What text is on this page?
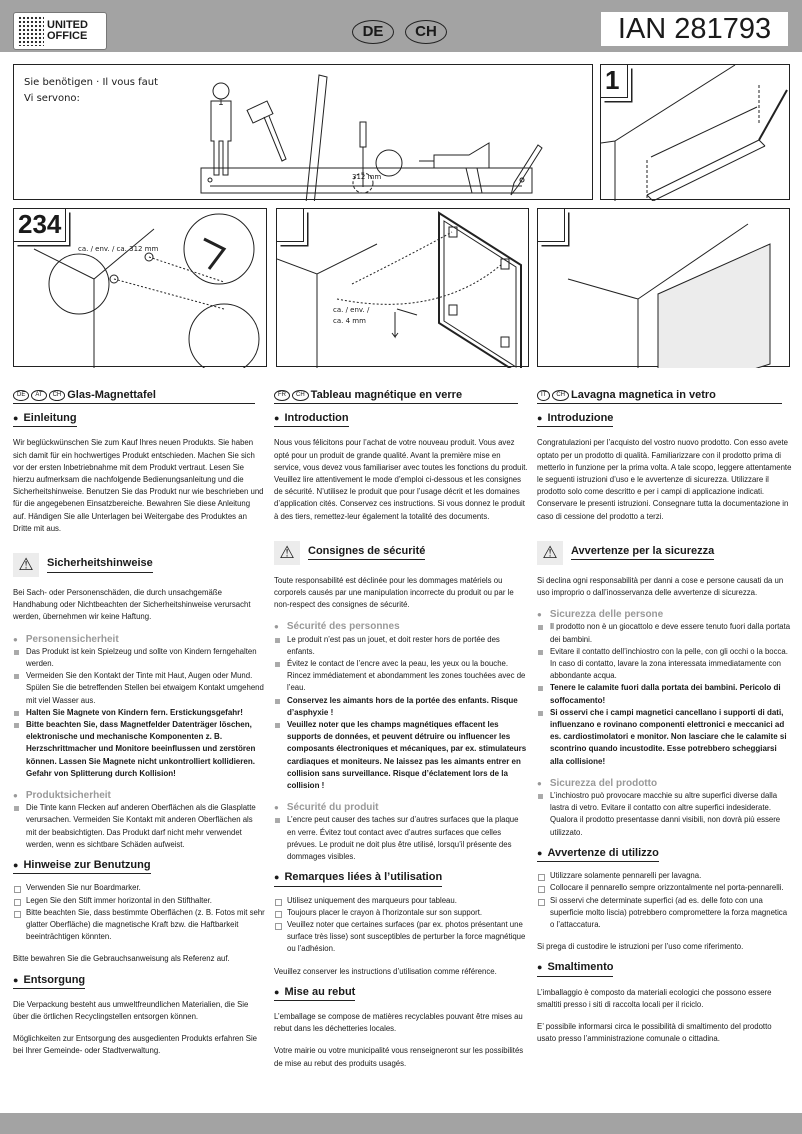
UNITED
OFFICE	DE	CH	IAN 281793
Sie benötigen · Il vous faut
Vi servono:	1
312 mm
1
ca. / env. / ca. 312 mm
234
ca. / env. /
ca. 4 mm
DE	AT	CH Glas-Magnettafel
● Einleitung
Wir beglückwünschen Sie zum Kauf Ihres neuen Produkts. Sie haben sich damit für ein hochwertiges Produkt entschieden. Machen Sie sich vor der ersten Inbetriebnahme mit dem Produkt vertraut. Lesen Sie hierzu aufmerksam die nachfolgende Bedienungsanleitung und die Sicherheitshinweise. Benutzen Sie das Produkt nur wie beschrieben und für die angegebenen Einsatzbereiche. Bewahren Sie diese Anleitung auf. Händigen Sie alle Unterlagen bei Weitergabe des Produktes an Dritte mit aus.
⚠	Sicherheitshinweise
Bei Sach- oder Personenschäden, die durch unsachgemäße Handhabung oder Nichtbeachten der Sicherheitshinweise verursacht werden, übernehmen wir keine Haftung.
● Personensicherheit
Das Produkt ist kein Spielzeug und sollte von Kindern ferngehalten werden.
Vermeiden Sie den Kontakt der Tinte mit Haut, Augen oder Mund. Spülen Sie die betreffenden Stellen bei etwaigem Kontakt umgehend mit viel Wasser aus.
Halten Sie Magnete von Kindern fern. Erstickungsgefahr!
Bitte beachten Sie, dass Magnetfelder Datenträger löschen, elektronische und mechanische Komponenten z. B. Herzschrittmacher und Monitore beeinflussen und zerstören können. Lassen Sie Magnete nicht unkontrolliert kollidieren. Gefahr von Splitterung durch Kollision!
● Produktsicherheit
Die Tinte kann Flecken auf anderen Oberflächen als die Glasplatte verursachen. Vermeiden Sie Kontakt mit anderen Oberflächen als mit der beabsichtigten. Das Produkt darf nicht mehr verwendet werden, wenn es sichtbare Schäden aufweist.
● Hinweise zur Benutzung
Verwenden Sie nur Boardmarker.
Legen Sie den Stift immer horizontal in den Stifthalter.
Bitte beachten Sie, dass bestimmte Oberflächen (z. B. Fotos mit sehr glatter Oberfläche) die magnetische Kraft bzw. die Haftbarkeit beeinträchtigen könnten.
Bitte bewahren Sie die Gebrauchsanweisung als Referenz auf.
● Entsorgung
Die Verpackung besteht aus umweltfreundlichen Materialien, die Sie über die örtlichen Recyclingstellen entsorgen können.
Möglichkeiten zur Entsorgung des ausgedienten Produkts erfahren Sie bei Ihrer Gemeinde- oder Stadtverwaltung.
FR	CH Tableau magnétique en verre
● Introduction
Nous vous félicitons pour l’achat de votre nouveau produit. Vous avez opté pour un produit de grande qualité. Avant la première mise en service, vous devez vous familiariser avec toutes les fonctions du produit. Veuillez lire attentivement le mode d’emploi ci-dessous et les consignes de sécurité. N’utilisez le produit que pour l’usage décrit et les domaines d’application cités. Conservez ces instructions. Si vous donnez le produit à des tiers, remettez-leur également la totalité des documents.
⚠	Consignes de sécurité
Toute responsabilité est déclinée pour les dommages matériels ou corporels causés par une manipulation incorrecte du produit ou par le non-respect des consignes de sécurité.
● Sécurité des personnes
Le produit n’est pas un jouet, et doit rester hors de portée des enfants.
Évitez le contact de l’encre avec la peau, les yeux ou la bouche. Rincez immédiatement et abondamment les zones touchées avec de l’eau.
Conservez les aimants hors de la portée des enfants. Risque d’asphyxie !
Veuillez noter que les champs magnétiques effacent les supports de données, et peuvent détruire ou influencer les composants électroniques et mécaniques, par ex. stimulateurs cardiaques et moniteurs. Ne laissez pas les aimants entrer en collision sans surveillance. Risque d’éclatement lors de la collision !
● Sécurité du produit
L’encre peut causer des taches sur d’autres surfaces que la plaque en verre. Évitez tout contact avec d’autres surfaces que celles prévues. Le produit ne doit plus être utilisé, lorsqu’il présente des dommages visibles.
● Remarques liées à l’utilisation
Utilisez uniquement des marqueurs pour tableau.
Toujours placer le crayon à l’horizontale sur son support.
Veuillez noter que certaines surfaces (par ex. photos présentant une surface très lisse) sont susceptibles de perturber la force magnétique ou l’adhésion.
Veuillez conserver les instructions d’utilisation comme référence.
● Mise au rebut
L’emballage se compose de matières recyclables pouvant être mises au rebut dans les déchetteries locales.
Votre mairie ou votre municipalité vous renseigneront sur les possibilités de mise au rebut des produits usagés.
IT	CH Lavagna magnetica in vetro
● Introduzione
Congratulazioni per l’acquisto del vostro nuovo prodotto. Con esso avete optato per un prodotto di qualità. Familiarizzare con il prodotto prima di metterlo in funzione per la prima volta. A tale scopo, leggere attentamente le seguenti istruzioni d’uso e le avvertenze di sicurezza. Utilizzare il prodotto solo come descritto e per i campi di applicazione indicati. Conservare le presenti istruzioni. Consegnare tutta la documentazione in caso di cessione del prodotto a terzi.
⚠	Avvertenze per la sicurezza
Si declina ogni responsabilità per danni a cose e persone causati da un uso improprio o dall’inosservanza delle avvertenze di sicurezza.
● Sicurezza delle persone
Il prodotto non è un giocattolo e deve essere tenuto fuori dalla portata dei bambini.
Evitare il contatto dell’inchiostro con la pelle, con gli occhi o la bocca. In caso di contatto, lavare la zona interessata immediatamente con abbondante acqua.
Tenere le calamite fuori dalla portata dei bambini. Pericolo di soffocamento!
Si osservi che i campi magnetici cancellano i supporti di dati, influenzano e rovinano componenti elettronici e meccanici ad es. cardiostimolatori e monitor. Non lasciare che le calamite si scontrino quando incustodite. Esse potrebbero scheggiarsi alla collisione!
● Sicurezza del prodotto
L’inchiostro può provocare macchie su altre superfici diverse dalla lastra di vetro. Evitare il contatto con altre superfici indesiderate. Qualora il prodotto presentasse danni visibili, non dovrà più essere utilizzato.
● Avvertenze di utilizzo
Utilizzare solamente pennarelli per lavagna.
Collocare il pennarello sempre orizzontalmente nel porta-pennarelli.
Si osservi che determinate superfici (ad es. delle foto con una superficie molto liscia) potrebbero compromettere la forza magnetica o l’attaccatura.
Si prega di custodire le istruzioni per l’uso come riferimento.
● Smaltimento
L’imballaggio è composto da materiali ecologici che possono essere smaltiti presso i siti di raccolta locali per il riciclo.
E’ possibile informarsi circa le possibilità di smaltimento del prodotto usato presso l’amministrazione comunale o cittadina.
